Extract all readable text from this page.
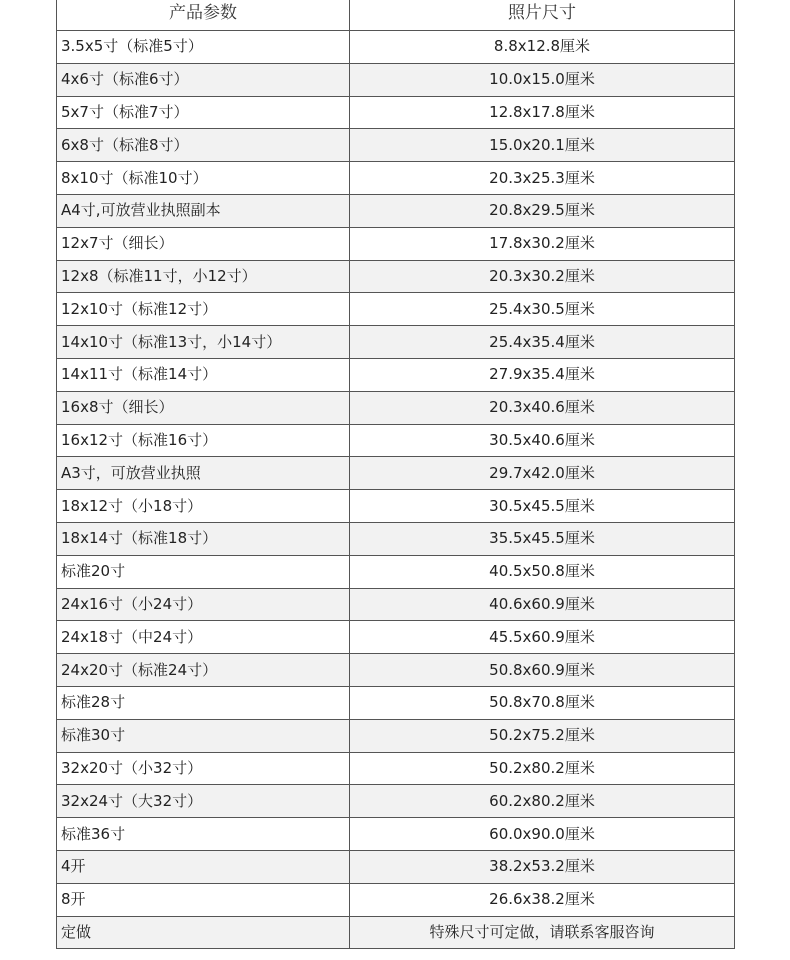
产品参数	照片尺寸
3.5x5寸（标准5寸）	8.8x12.8厘米
4x6寸（标准6寸）	10.0x15.0厘米
5x7寸（标准7寸）	12.8x17.8厘米
6x8寸（标准8寸）	15.0x20.1厘米
8x10寸（标准10寸）	20.3x25.3厘米
A4寸,可放营业执照副本	20.8x29.5厘米
12x7寸（细长）	17.8x30.2厘米
12x8（标准11寸，小12寸）	20.3x30.2厘米
12x10寸（标准12寸）	25.4x30.5厘米
14x10寸（标准13寸，小14寸）	25.4x35.4厘米
14x11寸（标准14寸）	27.9x35.4厘米
16x8寸（细长）	20.3x40.6厘米
16x12寸（标准16寸）	30.5x40.6厘米
A3寸，可放营业执照	29.7x42.0厘米
18x12寸（小18寸）	30.5x45.5厘米
18x14寸（标准18寸）	35.5x45.5厘米
标准20寸	40.5x50.8厘米
24x16寸（小24寸）	40.6x60.9厘米
24x18寸（中24寸）	45.5x60.9厘米
24x20寸（标准24寸）	50.8x60.9厘米
标准28寸	50.8x70.8厘米
标准30寸	50.2x75.2厘米
32x20寸（小32寸）	50.2x80.2厘米
32x24寸（大32寸）	60.2x80.2厘米
标准36寸	60.0x90.0厘米
4开	38.2x53.2厘米
8开	26.6x38.2厘米
定做	特殊尺寸可定做，请联系客服咨询
